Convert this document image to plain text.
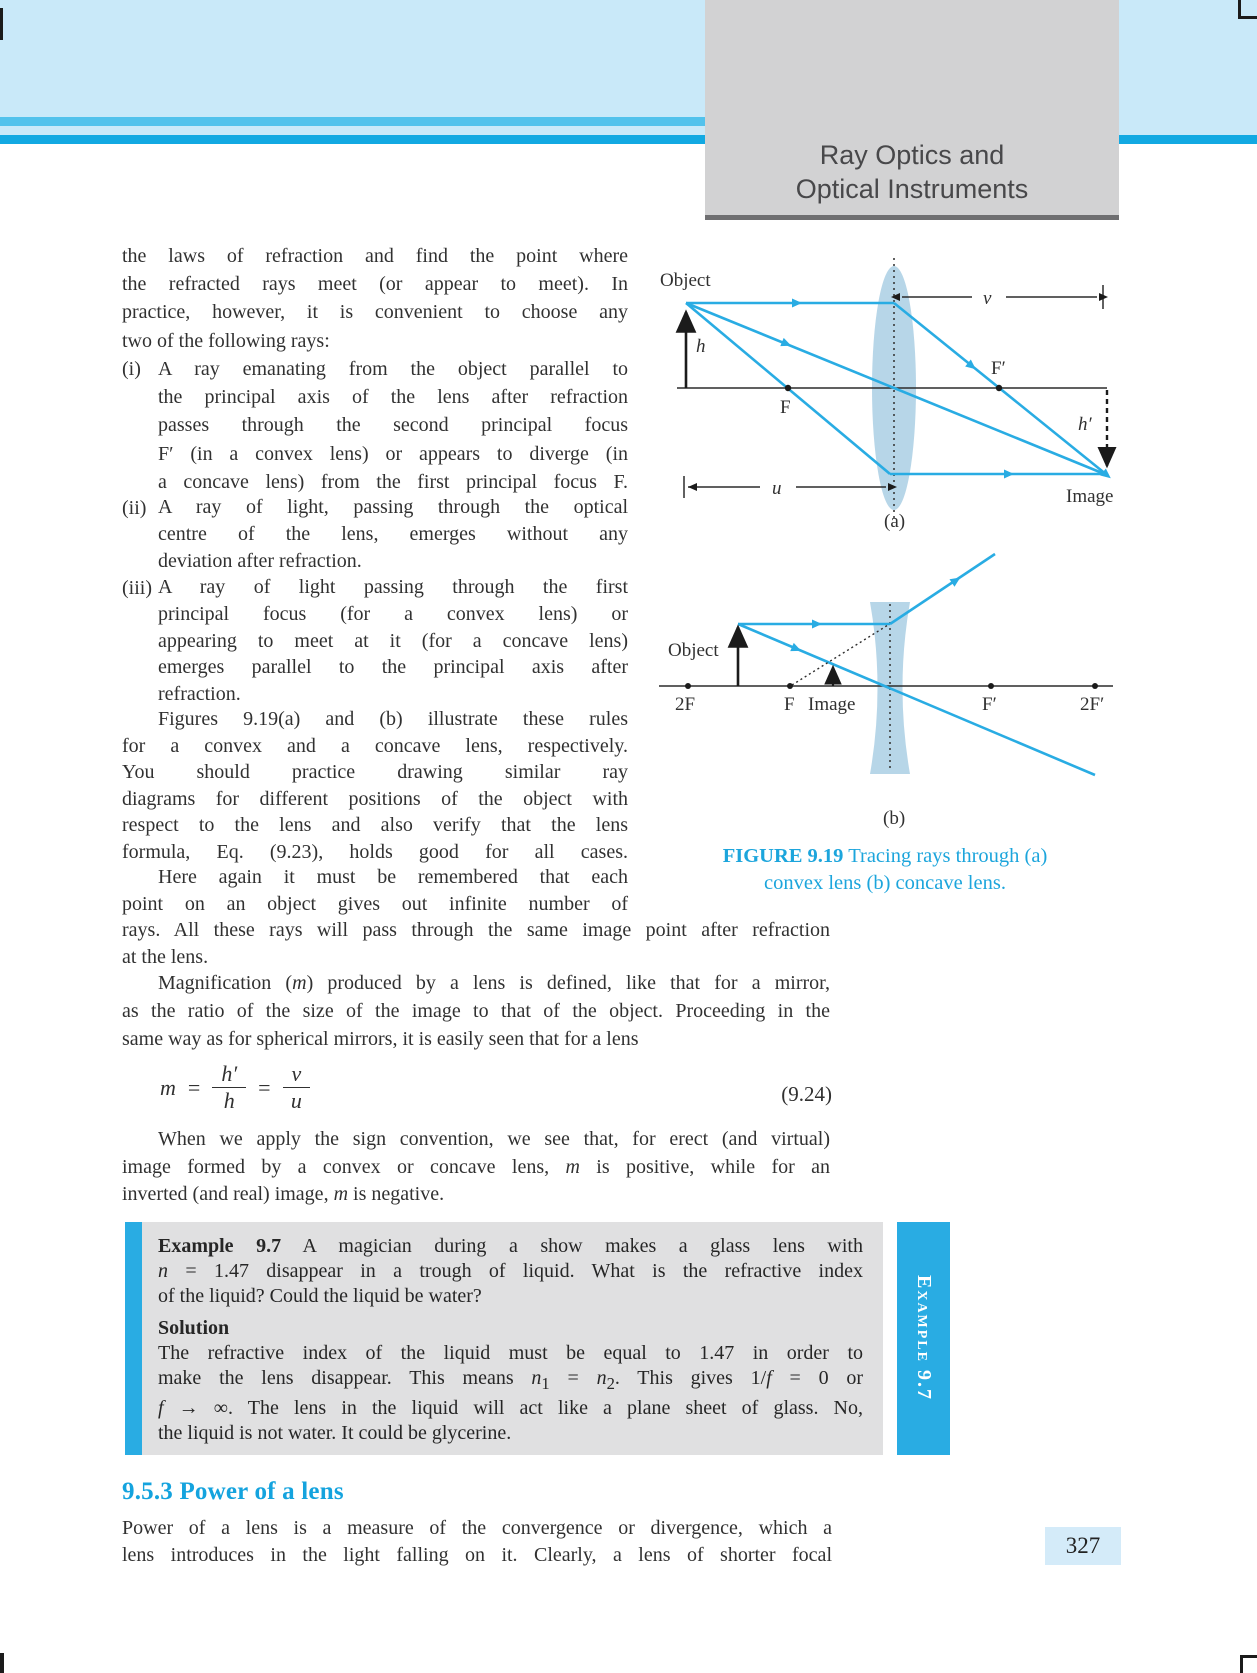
Ray Optics and
Optical Instruments
the laws of refraction and find the point where
the refracted rays meet (or appear to meet). In
practice, however, it is convenient to choose any
two of the following rays:
(i) A ray emanating from the object parallel to
the principal axis of the lens after refraction
passes through the second principal focus
F′ (in a convex lens) or appears to diverge (in
a concave lens) from the first principal focus F.
(ii) A ray of light, passing through the optical
centre of the lens, emerges without any
deviation after refraction.
(iii) A ray of light passing through the first
principal focus (for a convex lens) or
appearing to meet at it (for a concave lens)
emerges parallel to the principal axis after
refraction.
Figures 9.19(a) and (b) illustrate these rules
for a convex and a concave lens, respectively.
You should practice drawing similar ray
diagrams for different positions of the object with
respect to the lens and also verify that the lens
formula, Eq. (9.23), holds good for all cases.
Here again it must be remembered that each
point on an object gives out infinite number of
rays. All these rays will pass through the same image point after refraction
at the lens.
Magnification (m) produced by a lens is defined, like that for a mirror,
as the ratio of the size of the image to that of the object. Proceeding in the
same way as for spherical mirrors, it is easily seen that for a lens
$m = \frac{h'}{h} = \frac{v}{u}$	(9.24)
When we apply the sign convention, we see that, for erect (and virtual)
image formed by a convex or concave lens, m is positive, while for an
inverted (and real) image, m is negative.
Example 9.7 A magician during a show makes a glass lens with
n = 1.47 disappear in a trough of liquid. What is the refractive index
of the liquid? Could the liquid be water?
Solution
The refractive index of the liquid must be equal to 1.47 in order to
make the lens disappear. This means $n_1 = n_2$. This gives 1/f = 0 or
f → ∞. The lens in the liquid will act like a plane sheet of glass. No,
the liquid is not water. It could be glycerine.
Example 9.7
9.5.3 Power of a lens
Power of a lens is a measure of the convergence or divergence, which a
lens introduces in the light falling on it. Clearly, a lens of shorter focal	327
Object
h
F
F′
h′
Image
v
u
(a)
Object
2F	F Image	F′	2F′
(b)
FIGURE 9.19 Tracing rays through (a)
convex lens (b) concave lens.
